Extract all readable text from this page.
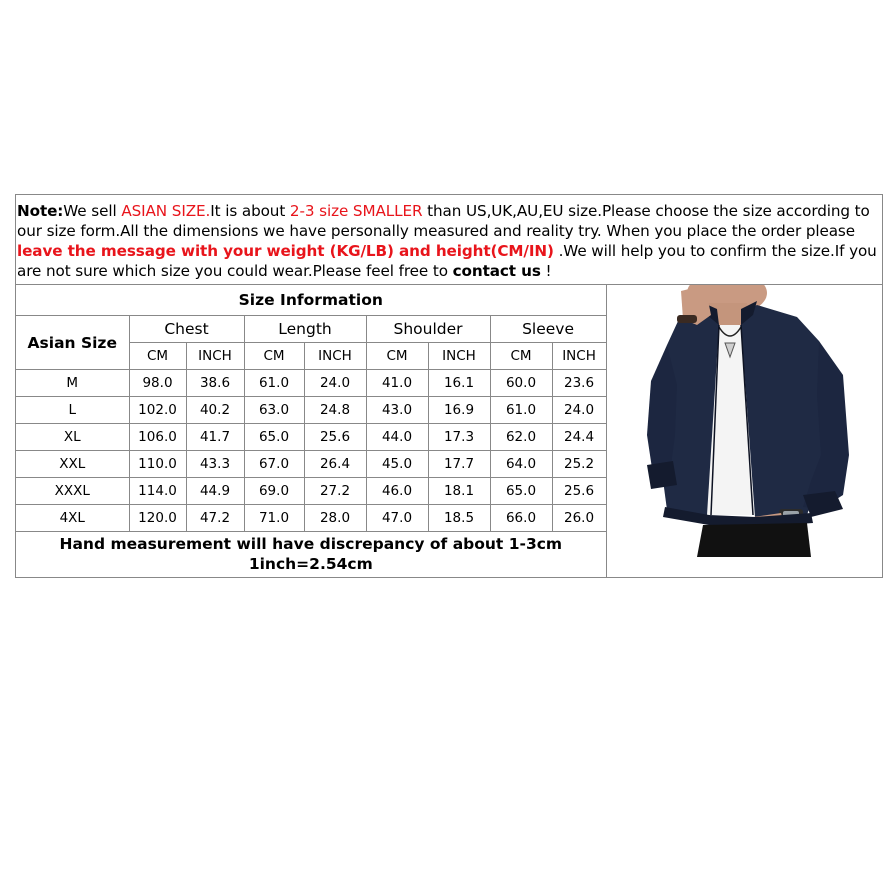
Note:We sell ASIAN SIZE.It is about 2-3 size SMALLER than US,UK,AU,EU size.Please choose the size according to our size form.All the dimensions we have personally measured and reality try. When you place the order please leave the message with your weight (KG/LB) and height(CM/IN) .We will help you to confirm the size.If you are not sure which size you could wear.Please feel free to contact us !
Size Information								
Asian Size	Chest		Length		Shoulder		Sleeve	
	CM	INCH	CM	INCH	CM	INCH	CM	INCH
M	98.0	38.6	61.0	24.0	41.0	16.1	60.0	23.6
L	102.0	40.2	63.0	24.8	43.0	16.9	61.0	24.0
XL	106.0	41.7	65.0	25.6	44.0	17.3	62.0	24.4
XXL	110.0	43.3	67.0	26.4	45.0	17.7	64.0	25.2
XXXL	114.0	44.9	69.0	27.2	46.0	18.1	65.0	25.6
4XL	120.0	47.2	71.0	28.0	47.0	18.5	66.0	26.0

Hand measurement will have discrepancy of about 1-3cm
1inch=2.54cm								
